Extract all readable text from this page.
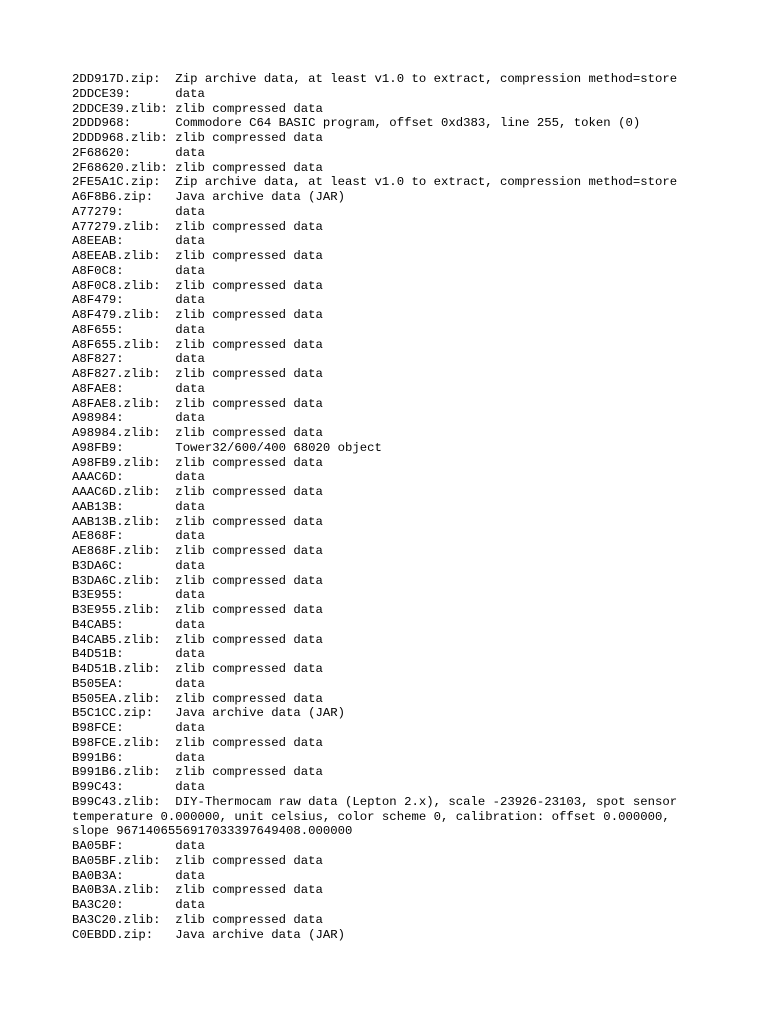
2DD917D.zip:  Zip archive data, at least v1.0 to extract, compression method=store
2DDCE39:      data
2DDCE39.zlib: zlib compressed data
2DDD968:      Commodore C64 BASIC program, offset 0xd383, line 255, token (0)
2DDD968.zlib: zlib compressed data
2F68620:      data
2F68620.zlib: zlib compressed data
2FE5A1C.zip:  Zip archive data, at least v1.0 to extract, compression method=store
A6F8B6.zip:   Java archive data (JAR)
A77279:       data
A77279.zlib:  zlib compressed data
A8EEAB:       data
A8EEAB.zlib:  zlib compressed data
A8F0C8:       data
A8F0C8.zlib:  zlib compressed data
A8F479:       data
A8F479.zlib:  zlib compressed data
A8F655:       data
A8F655.zlib:  zlib compressed data
A8F827:       data
A8F827.zlib:  zlib compressed data
A8FAE8:       data
A8FAE8.zlib:  zlib compressed data
A98984:       data
A98984.zlib:  zlib compressed data
A98FB9:       Tower32/600/400 68020 object
A98FB9.zlib:  zlib compressed data
AAAC6D:       data
AAAC6D.zlib:  zlib compressed data
AAB13B:       data
AAB13B.zlib:  zlib compressed data
AE868F:       data
AE868F.zlib:  zlib compressed data
B3DA6C:       data
B3DA6C.zlib:  zlib compressed data
B3E955:       data
B3E955.zlib:  zlib compressed data
B4CAB5:       data
B4CAB5.zlib:  zlib compressed data
B4D51B:       data
B4D51B.zlib:  zlib compressed data
B505EA:       data
B505EA.zlib:  zlib compressed data
B5C1CC.zip:   Java archive data (JAR)
B98FCE:       data
B98FCE.zlib:  zlib compressed data
B991B6:       data
B991B6.zlib:  zlib compressed data
B99C43:       data
B99C43.zlib:  DIY-Thermocam raw data (Lepton 2.x), scale -23926-23103, spot sensor
temperature 0.000000, unit celsius, color scheme 0, calibration: offset 0.000000,
slope 9671406556917033397649408.000000
BA05BF:       data
BA05BF.zlib:  zlib compressed data
BA0B3A:       data
BA0B3A.zlib:  zlib compressed data
BA3C20:       data
BA3C20.zlib:  zlib compressed data
C0EBDD.zip:   Java archive data (JAR)
